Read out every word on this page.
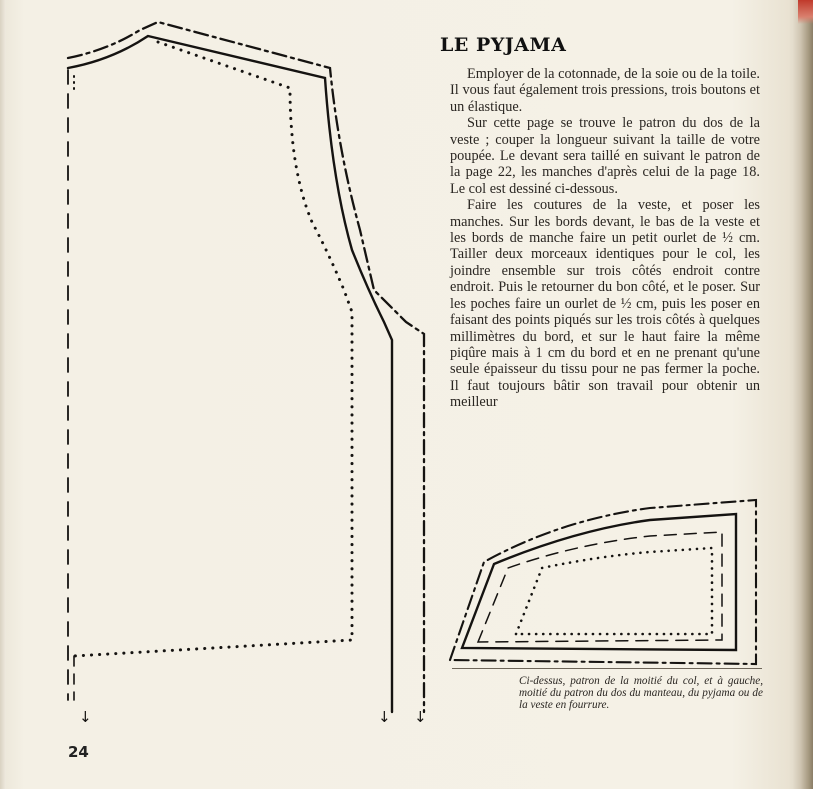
↓	↓ ↓
LE PYJAMA

Employer de la cotonnade, de la soie ou de la toile. Il vous faut également trois pressions, trois boutons et un élastique.

Sur cette page se trouve le patron du dos de la veste ; couper la longueur suivant la taille de votre poupée. Le devant sera taillé en suivant le patron de la page 22, les manches d'après celui de la page 18. Le col est dessiné ci-dessous.

Faire les coutures de la veste, et poser les manches. Sur les bords devant, le bas de la veste et les bords de manche faire un petit ourlet de ½ cm. Tailler deux morceaux identiques pour le col, les joindre ensemble sur trois côtés endroit contre endroit. Puis le retourner du bon côté, et le poser. Sur les poches faire un ourlet de ½ cm, puis les poser en faisant des points piqués sur les trois côtés à quelques millimètres du bord, et sur le haut faire la même piqûre mais à 1 cm du bord et en ne prenant qu'une seule épaisseur du tissu pour ne pas fermer la poche. Il faut toujours bâtir son travail pour obtenir un meilleur

Ci-dessus, patron de la moitié du col, et à gauche, moitié du patron du dos du manteau, du pyjama ou de la veste en fourrure.
24
